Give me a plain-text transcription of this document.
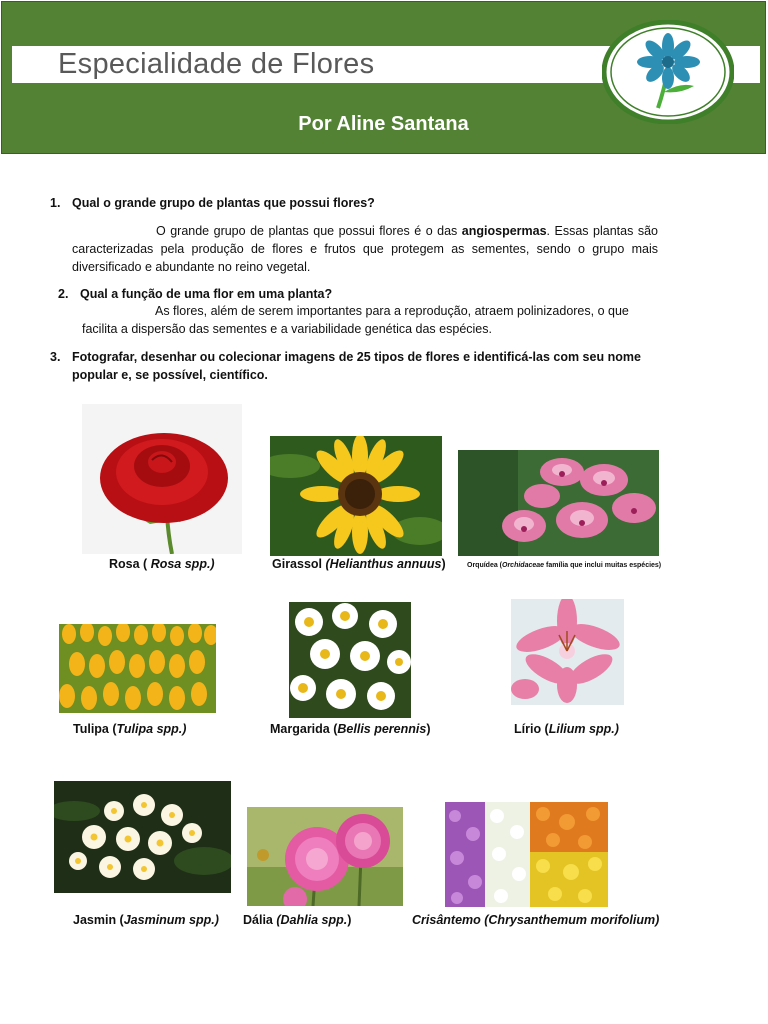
Especialidade de Flores
Por Aline Santana
1. Qual o grande grupo de plantas que possui flores?
O grande grupo de plantas que possui flores é o das angiospermas. Essas plantas são caracterizadas pela produção de flores e frutos que protegem as sementes, sendo o grupo mais diversificado e abundante no reino vegetal.
2. Qual a função de uma flor em uma planta?
As flores, além de serem importantes para a reprodução, atraem polinizadores, o que
facilita a dispersão das sementes e a variabilidade genética das espécies.
3. Fotografar, desenhar ou colecionar imagens de 25 tipos de flores e identificá-las com seu nome
popular e, se possível, científico.
Rosa ( Rosa spp.)	Girassol (Helianthus annuus)	Orquídea (Orchidaceae família que inclui muitas espécies)
Tulipa (Tulipa spp.)	Margarida (Bellis perennis)	Lírio (Lilium spp.)
Jasmin (Jasminum spp.) Dália (Dahlia spp.)	Crisântemo (Chrysanthemum morifolium)
